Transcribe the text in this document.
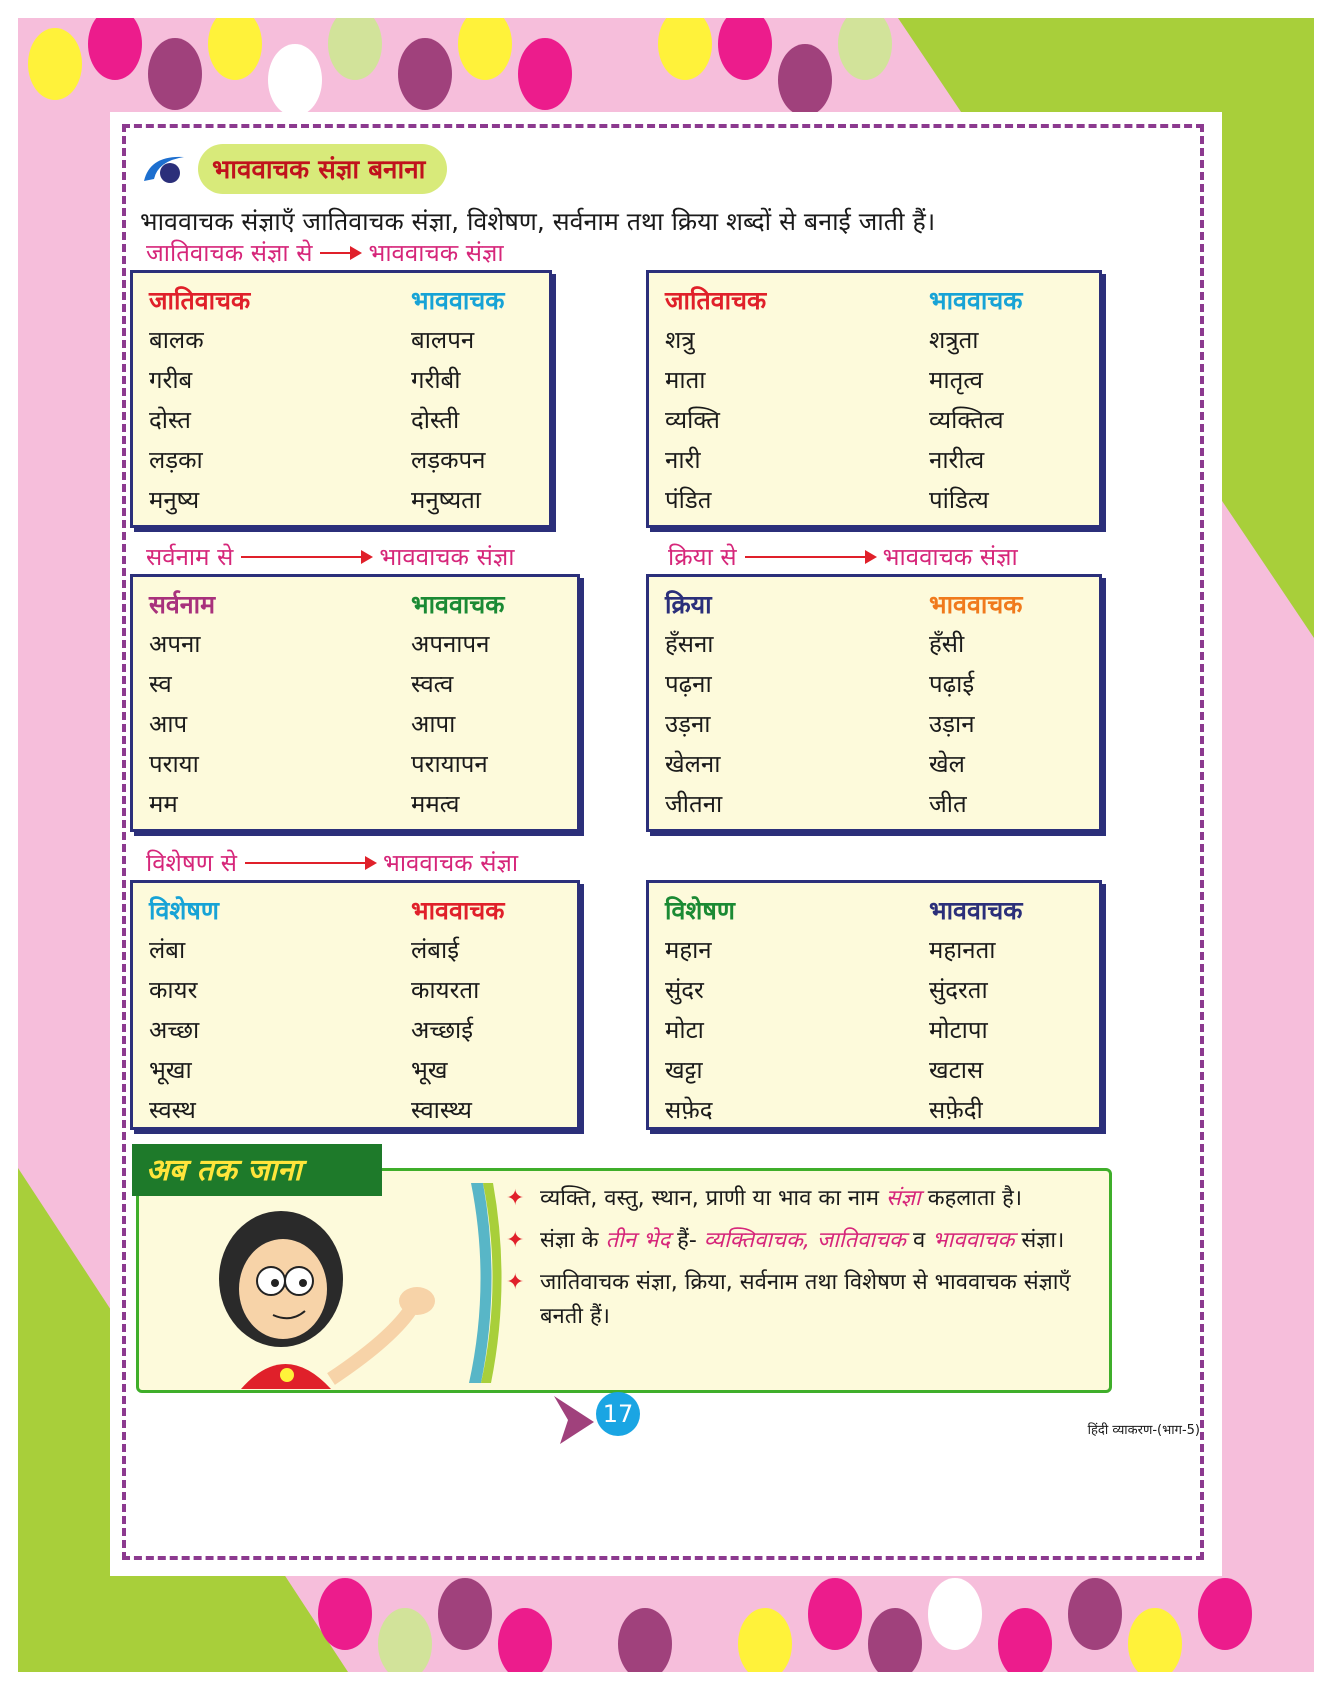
भाववाचक संज्ञा बनाना
भाववाचक संज्ञाएँ जातिवाचक संज्ञा, विशेषण, सर्वनाम तथा क्रिया शब्दों से बनाई जाती हैं।
जातिवाचक संज्ञा से भाववाचक संज्ञा
सर्वनाम से	भाववाचक संज्ञा	क्रिया से	भाववाचक संज्ञा
विशेषण से	भाववाचक संज्ञा
जातिवाचक	भाववाचक
बालक	बालपन
गरीब	गरीबी
दोस्त	दोस्ती
लड़का	लड़कपन
मनुष्य	मनुष्यता
जातिवाचक	भाववाचक
शत्रु	शत्रुता
माता	मातृत्व
व्यक्ति	व्यक्तित्व
नारी	नारीत्व
पंडित	पांडित्य
सर्वनाम	भाववाचक
अपना	अपनापन
स्व	स्वत्व
आप	आपा
पराया	परायापन
मम	ममत्व
क्रिया	भाववाचक
हँसना	हँसी
पढ़ना	पढ़ाई
उड़ना	उड़ान
खेलना	खेल
जीतना	जीत
विशेषण	भाववाचक
लंबा	लंबाई
कायर	कायरता
अच्छा	अच्छाई
भूखा	भूख
स्वस्थ	स्वास्थ्य
विशेषण	भाववाचक
महान	महानता
सुंदर	सुंदरता
मोटा	मोटापा
खट्टा	खटास
सफ़ेद	सफ़ेदी
अब तक जाना
✦ व्यक्ति, वस्तु, स्थान, प्राणी या भाव का नाम संज्ञा कहलाता है।
✦ संज्ञा के तीन भेद हैं- व्यक्तिवाचक, जातिवाचक व भाववाचक संज्ञा।
✦ जातिवाचक संज्ञा, क्रिया, सर्वनाम तथा विशेषण से भाववाचक संज्ञाएँ बनती हैं।
17
हिंदी व्याकरण-(भाग-5)
